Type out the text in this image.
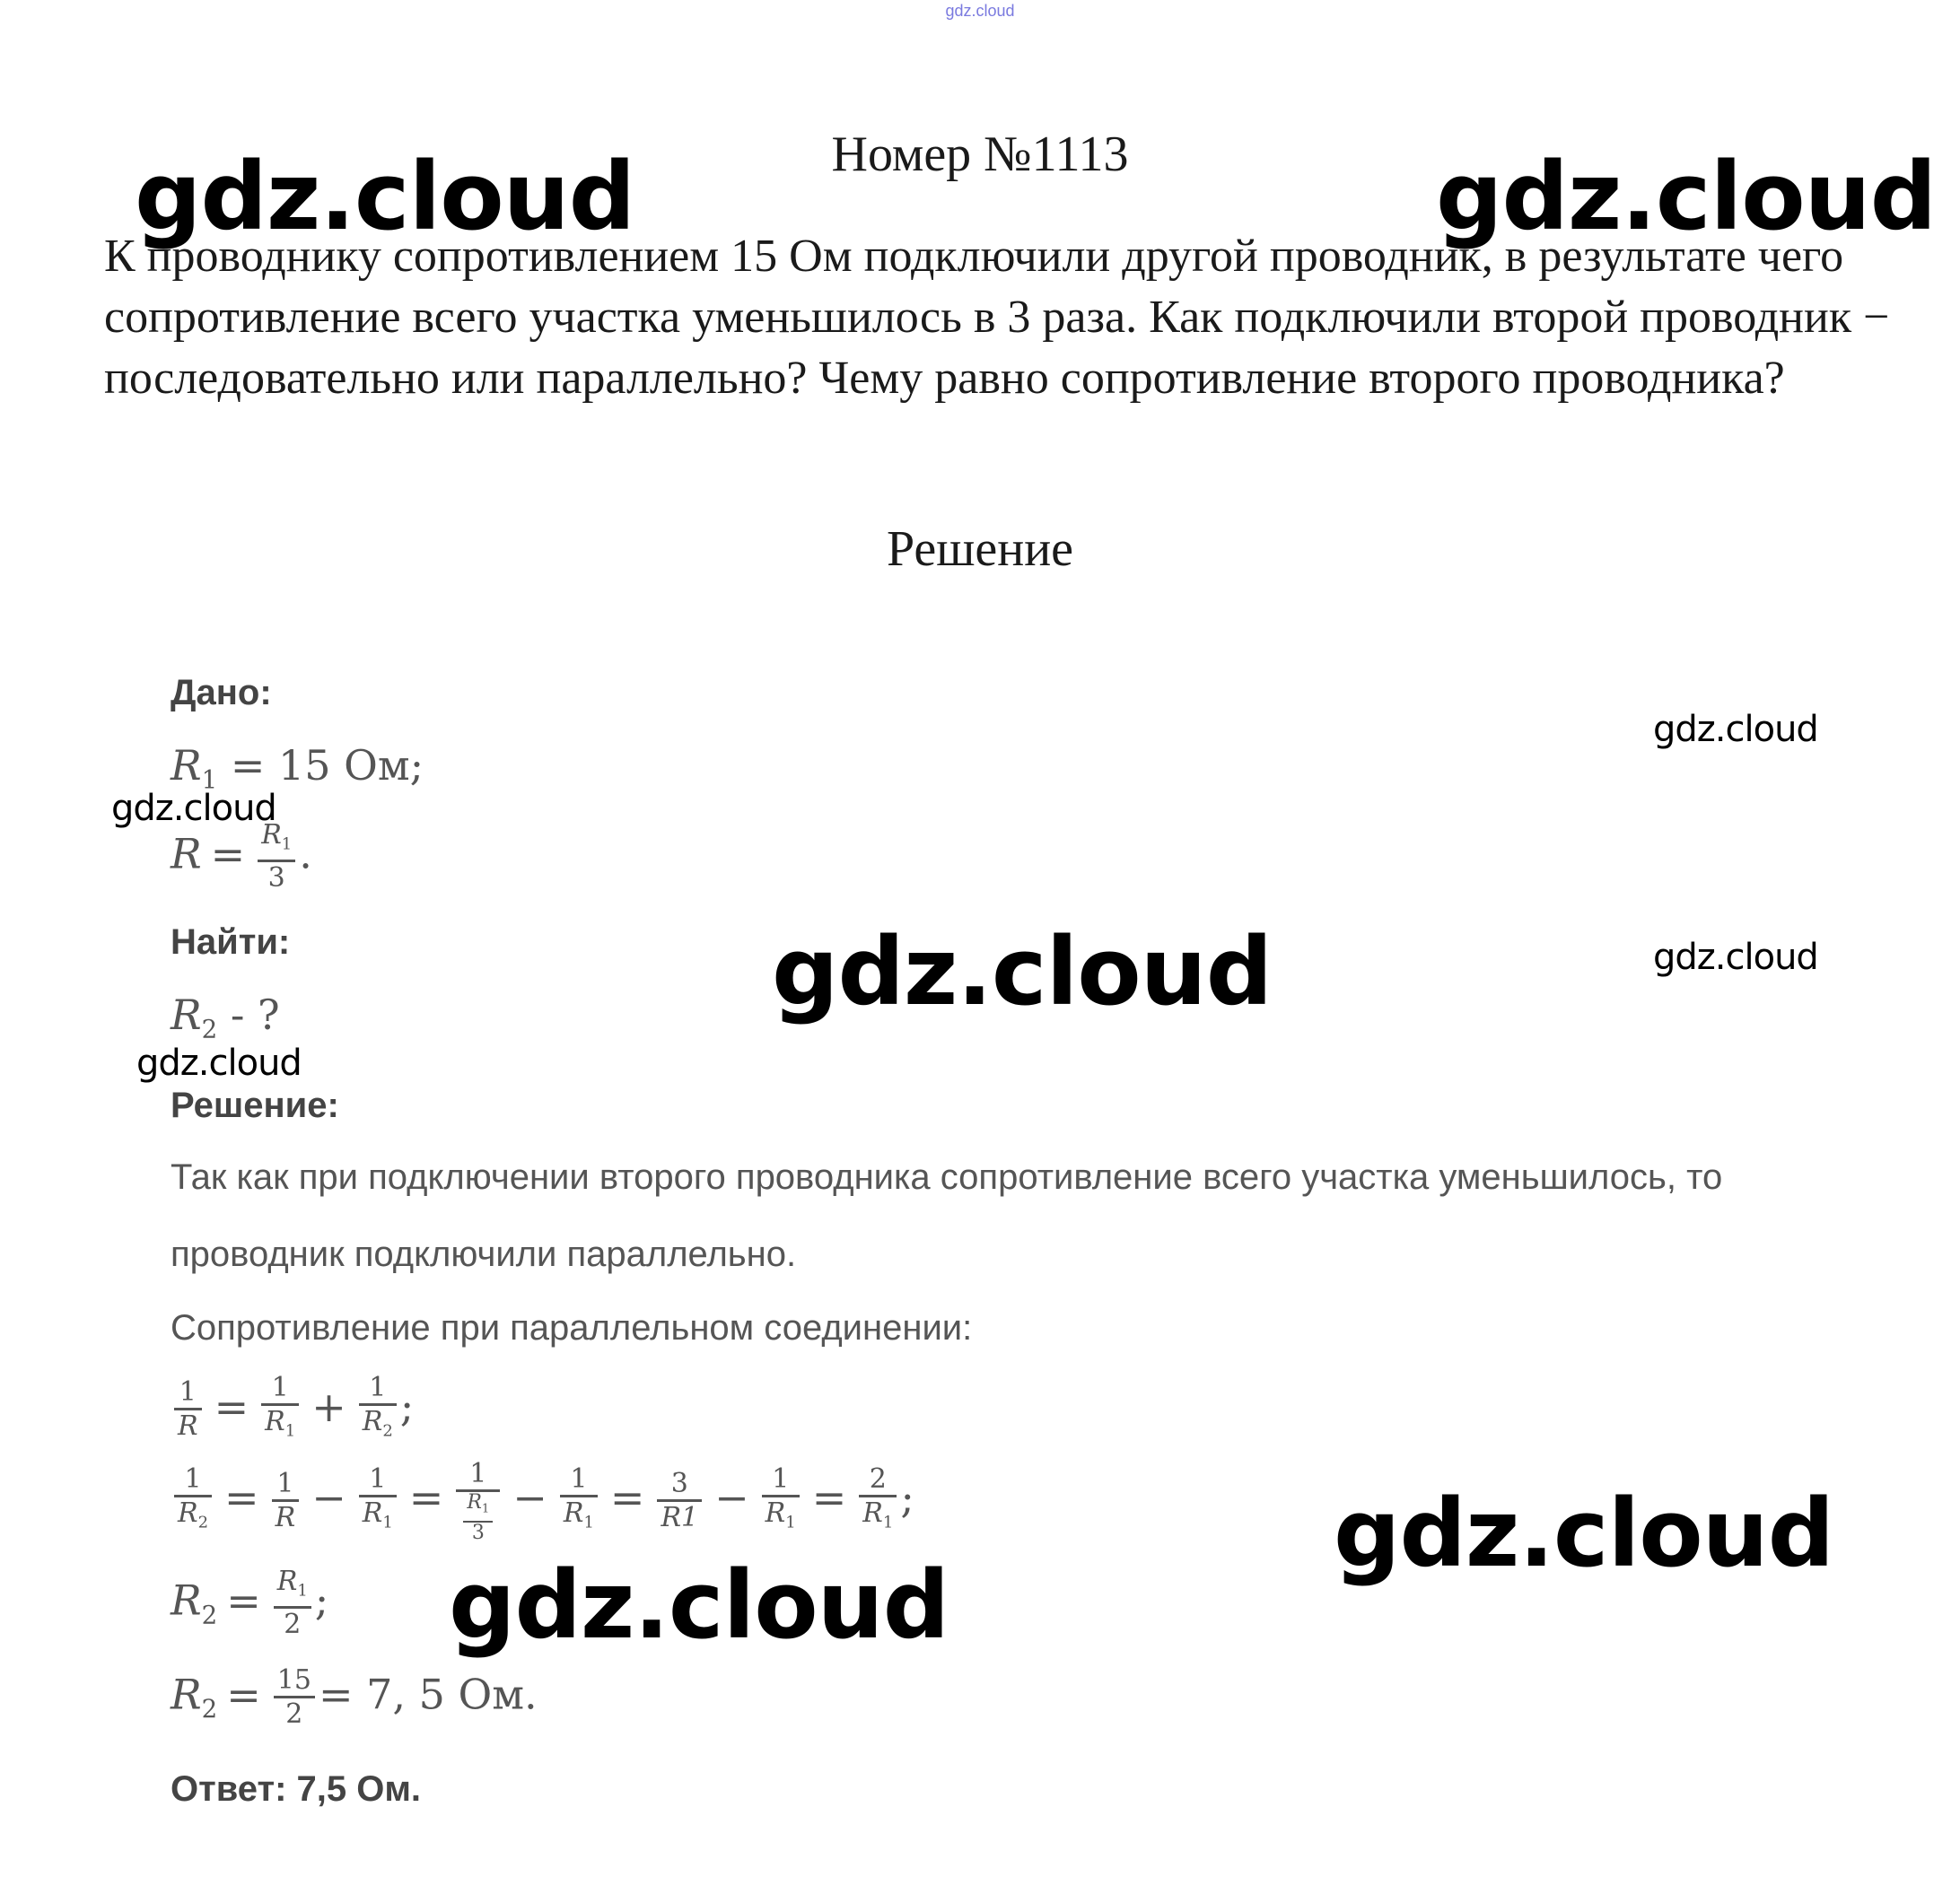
gdz.cloud
Номер №1113
К проводнику сопротивлением 15 Ом подключили другой проводник, в результате чего сопротивление всего участка уменьшилось в 3 раза. Как подключили второй проводник − последовательно или параллельно? Чему равно сопротивление второго проводника?
Решение
Дано:
$R_1 = 15$ Ом;
$R = \frac{R_1}{3}$ .
Найти:
$R_2$ - ?
Решение:
Так как при подключении второго проводника сопротивление всего участка уменьшилось, то
проводник подключили параллельно.
Сопротивление при параллельном соединении:
$\frac{1}{R} = \frac{1}{R_1} + \frac{1}{R_2}$ ;
$\frac{1}{R_2} = \frac{1}{R} - \frac{1}{R_1} = \frac{1}{\frac{R_1}{3}} - \frac{1}{R_1} = \frac{3}{R1} - \frac{1}{R_1} = \frac{2}{R_1}$ ;
$R_2 = \frac{R_1}{2}$ ;
$R_2 = \frac{15}{2} = 7$, 5 Ом.
Ответ: 7,5 Ом.
gdz.cloud	gdz.cloud
gdz.cloud
gdz.cloud
gdz.cloud	gdz.cloud
gdz.cloud
gdz.cloud
gdz.cloud
